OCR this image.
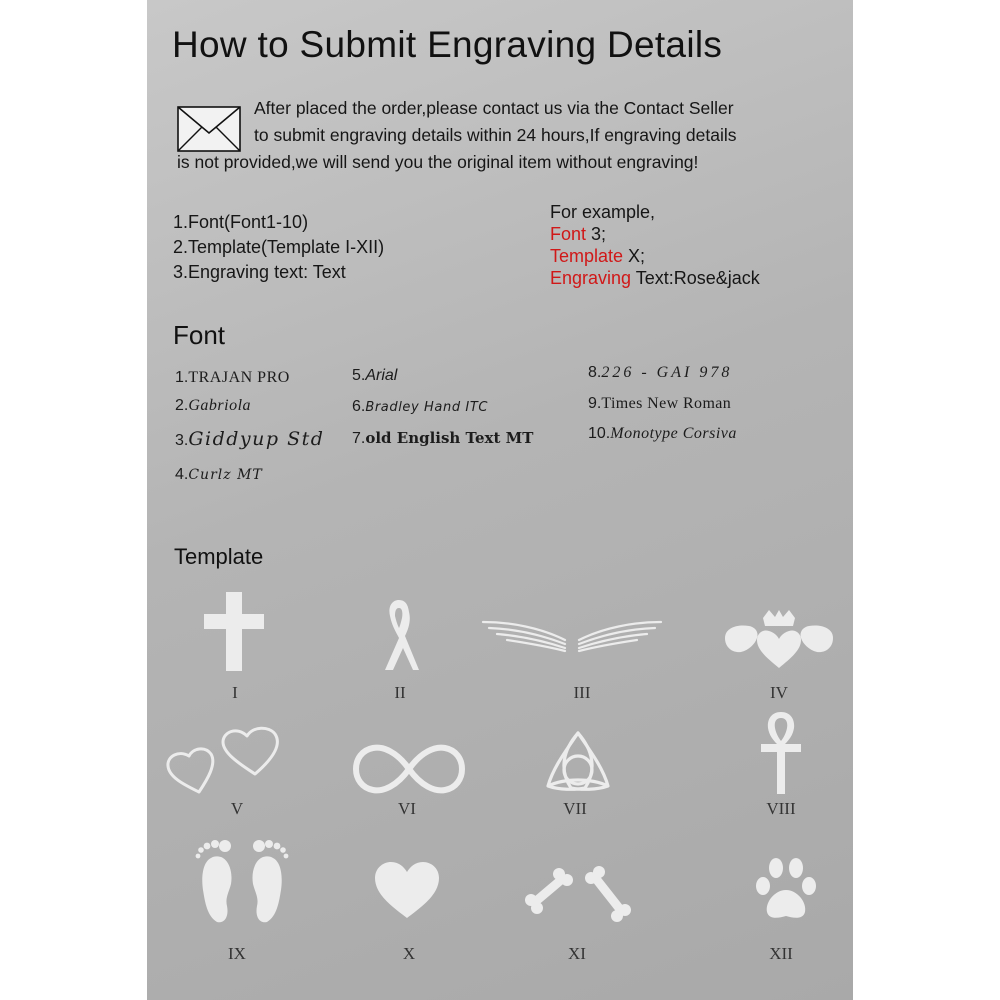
How to Submit Engraving Details
After placed the order,please contact us via the Contact Seller
to submit engraving details within 24 hours,If engraving details
is not provided,we will send you the original item without engraving!
1.Font(Font1-10)
2.Template(Template I-XII)
3.Engraving text: Text
For example,
Font 3;
Template X;
Engraving Text:Rose&jack
Font
1.TRAJAN PRO
2.Gabriola
3.Giddyup Std
4.Curlz MT
5.Arial
6.Bradley Hand ITC
7.old English Text MT
8.226 - GAI 978
9.Times New Roman
10.Monotype Corsiva
Template
I	II	III	IV
V	VI	VII	VIII
IX	X	XI	XII
